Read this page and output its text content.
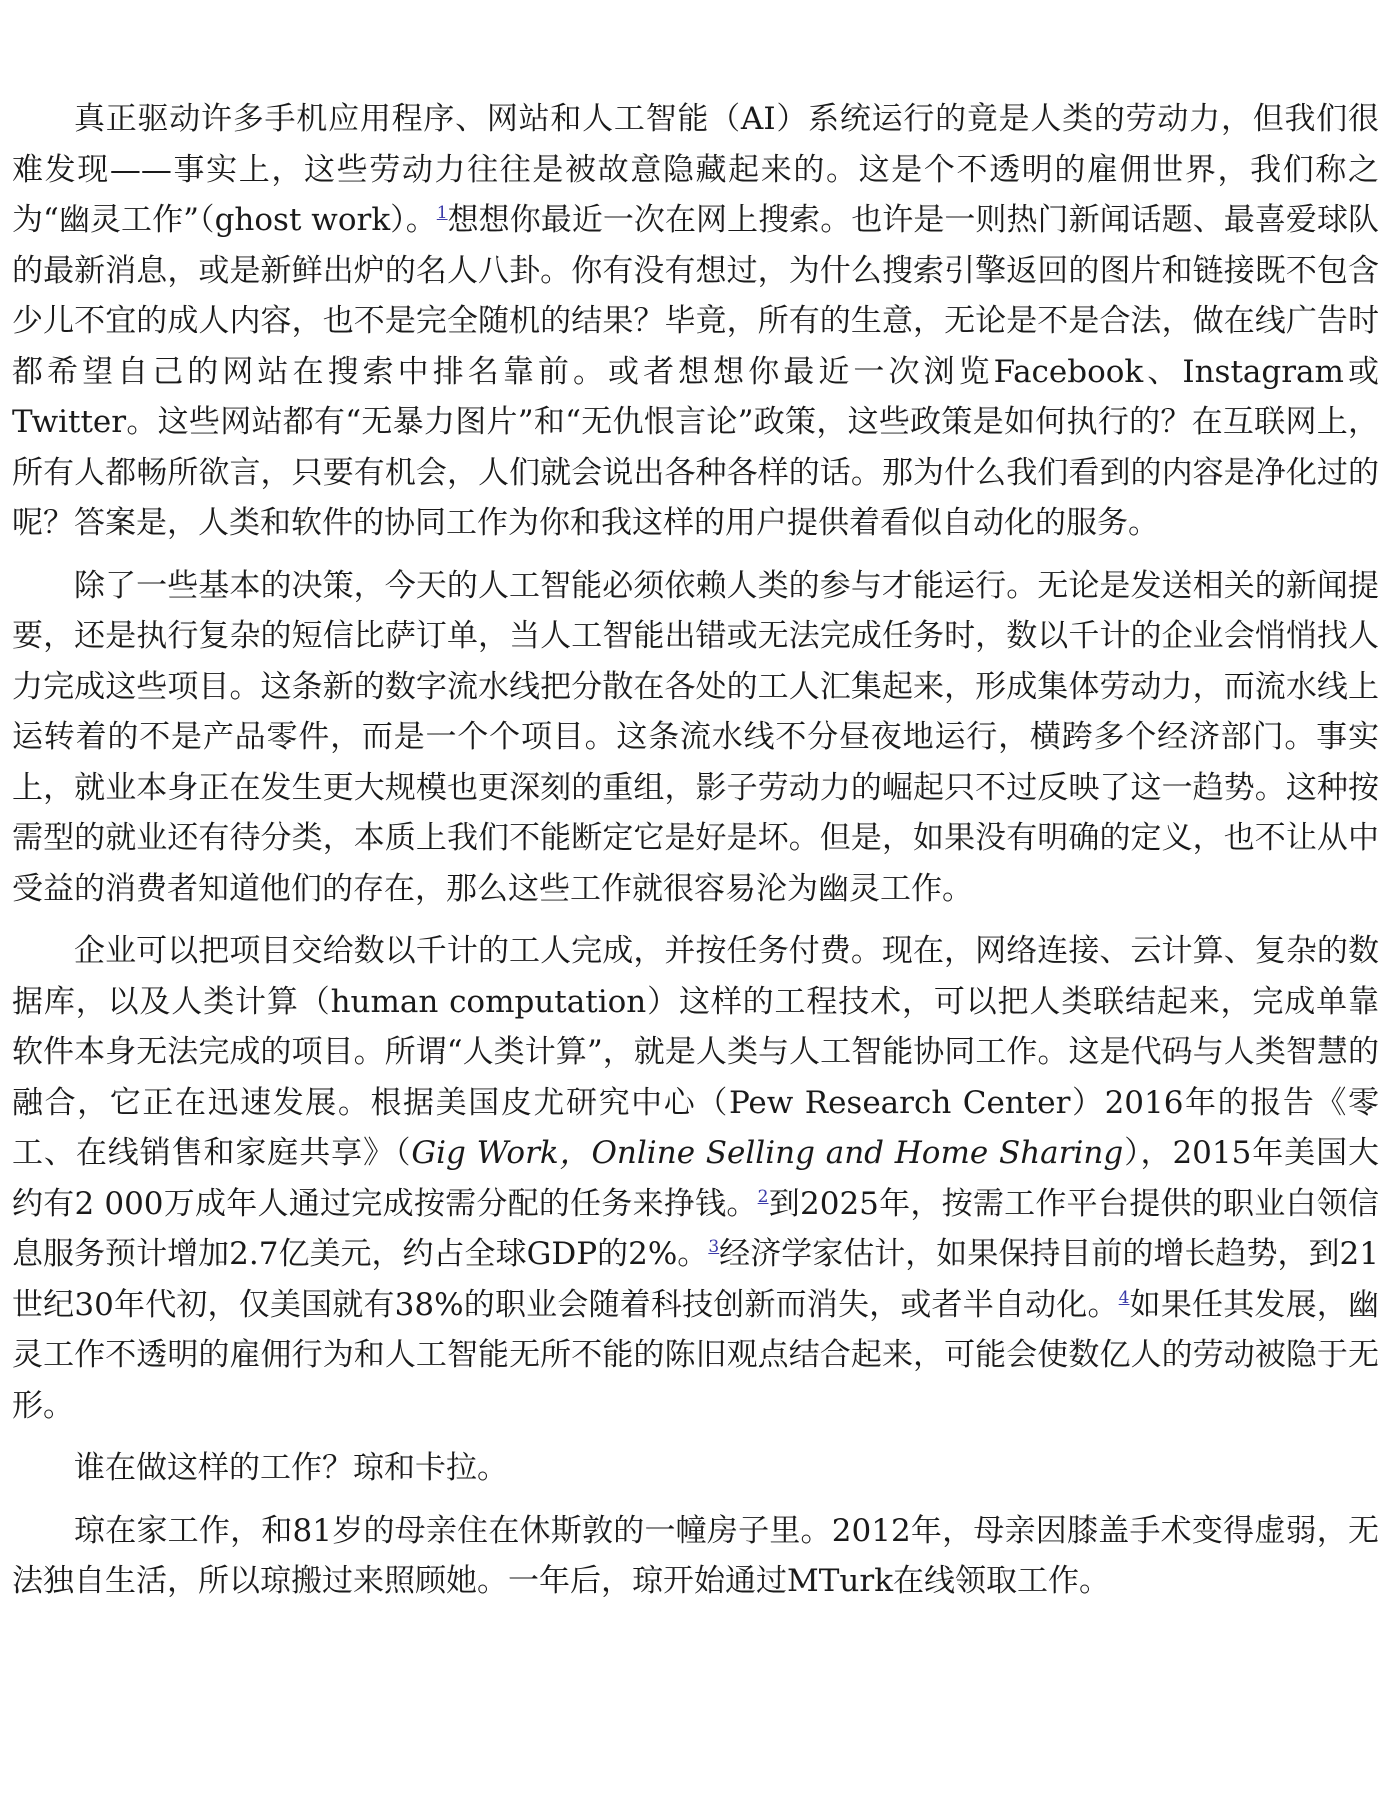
真正驱动许多手机应用程序、网站和人工智能（AI）系统运行的竟是人类的劳动力，但我们很难发现——事实上，这些劳动力往往是被故意隐藏起来的。这是个不透明的雇佣世界，我们称之为“幽灵工作”（ghost work）。$^1$想想你最近一次在网上搜索。也许是一则热门新闻话题、最喜爱球队的最新消息，或是新鲜出炉的名人八卦。你有没有想过，为什么搜索引擎返回的图片和链接既不包含少儿不宜的成人内容，也不是完全随机的结果？毕竟，所有的生意，无论是不是合法，做在线广告时都希望自己的网站在搜索中排名靠前。或者想想你最近一次浏览Facebook、Instagram或Twitter。这些网站都有“无暴力图片”和“无仇恨言论”政策，这些政策是如何执行的？在互联网上，所有人都畅所欲言，只要有机会，人们就会说出各种各样的话。那为什么我们看到的内容是净化过的呢？答案是，人类和软件的协同工作为你和我这样的用户提供着看似自动化的服务。

除了一些基本的决策，今天的人工智能必须依赖人类的参与才能运行。无论是发送相关的新闻提要，还是执行复杂的短信比萨订单，当人工智能出错或无法完成任务时，数以千计的企业会悄悄找人力完成这些项目。这条新的数字流水线把分散在各处的工人汇集起来，形成集体劳动力，而流水线上运转着的不是产品零件，而是一个个项目。这条流水线不分昼夜地运行，横跨多个经济部门。事实上，就业本身正在发生更大规模也更深刻的重组，影子劳动力的崛起只不过反映了这一趋势。这种按需型的就业还有待分类，本质上我们不能断定它是好是坏。但是，如果没有明确的定义，也不让从中受益的消费者知道他们的存在，那么这些工作就很容易沦为幽灵工作。

企业可以把项目交给数以千计的工人完成，并按任务付费。现在，网络连接、云计算、复杂的数据库，以及人类计算（human computation）这样的工程技术，可以把人类联结起来，完成单靠软件本身无法完成的项目。所谓“人类计算”，就是人类与人工智能协同工作。这是代码与人类智慧的融合，它正在迅速发展。根据美国皮尤研究中心（Pew Research Center）2016年的报告《零工、在线销售和家庭共享》（Gig Work，Online Selling and Home Sharing），2015年美国大约有2 000万成年人通过完成按需分配的任务来挣钱。$^2$到2025年，按需工作平台提供的职业白领信息服务预计增加2.7亿美元，约占全球GDP的2%。$^3$经济学家估计，如果保持目前的增长趋势，到21世纪30年代初，仅美国就有38%的职业会随着科技创新而消失，或者半自动化。$^4$如果任其发展，幽灵工作不透明的雇佣行为和人工智能无所不能的陈旧观点结合起来，可能会使数亿人的劳动被隐于无形。

谁在做这样的工作？琼和卡拉。

琼在家工作，和81岁的母亲住在休斯敦的一幢房子里。2012年，母亲因膝盖手术变得虚弱，无法独自生活，所以琼搬过来照顾她。一年后，琼开始通过MTurk在线领取工作。
